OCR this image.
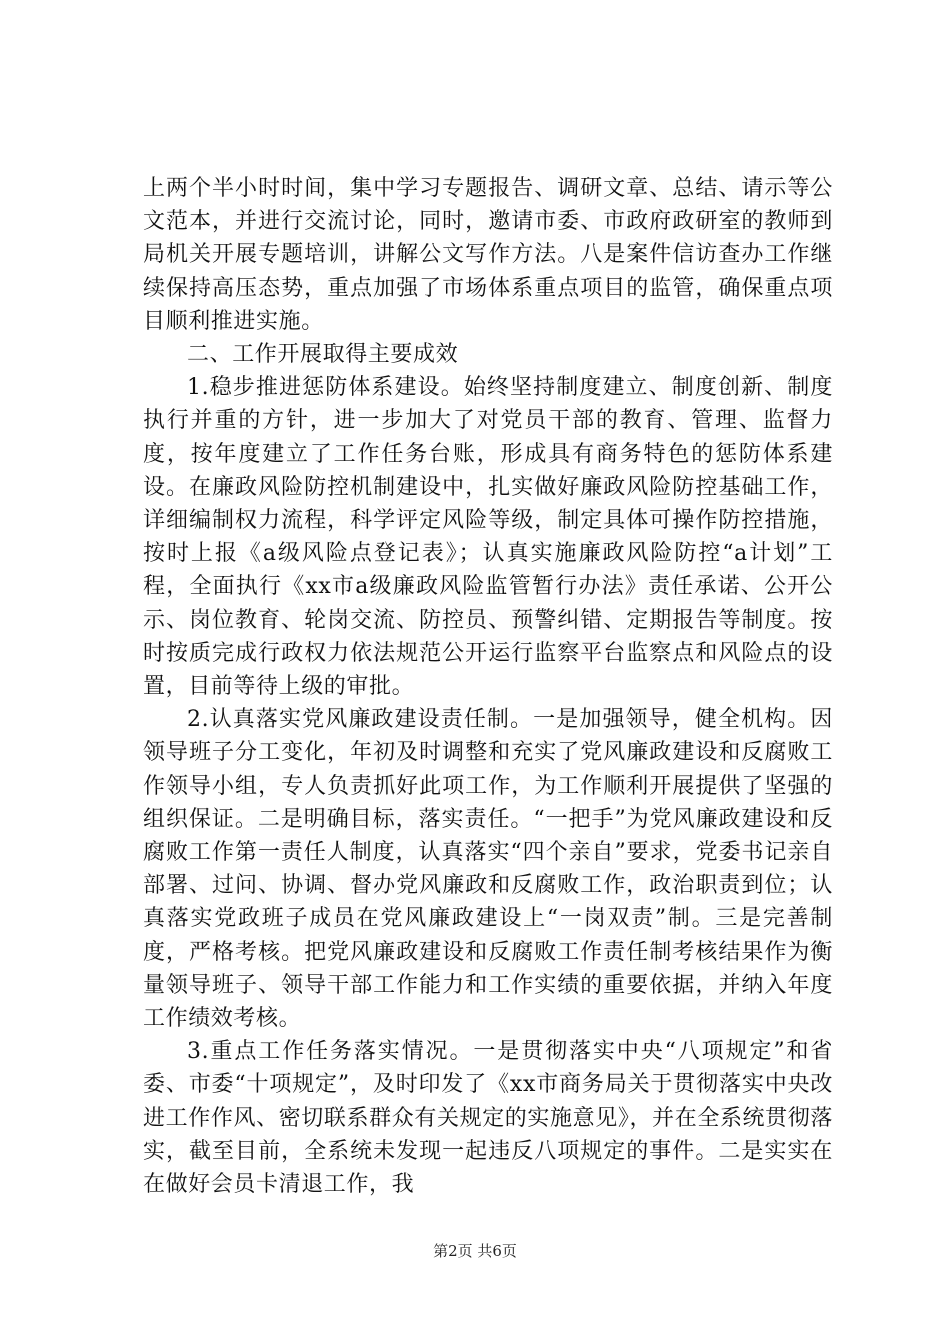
上两个半小时时间，集中学习专题报告、调研文章、总结、请示等公文范本，并进行交流讨论，同时，邀请市委、市政府政研室的教师到局机关开展专题培训，讲解公文写作方法。八是案件信访查办工作继续保持高压态势，重点加强了市场体系重点项目的监管，确保重点项目顺利推进实施。

二、工作开展取得主要成效

1.稳步推进惩防体系建设。始终坚持制度建立、制度创新、制度执行并重的方针，进一步加大了对党员干部的教育、管理、监督力度，按年度建立了工作任务台账，形成具有商务特色的惩防体系建设。在廉政风险防控机制建设中，扎实做好廉政风险防控基础工作，详细编制权力流程，科学评定风险等级，制定具体可操作防控措施，按时上报《a级风险点登记表》；认真实施廉政风险防控“a计划”工程，全面执行《xx市a级廉政风险监管暂行办法》责任承诺、公开公示、岗位教育、轮岗交流、防控员、预警纠错、定期报告等制度。按时按质完成行政权力依法规范公开运行监察平台监察点和风险点的设置，目前等待上级的审批。

2.认真落实党风廉政建设责任制。一是加强领导，健全机构。因领导班子分工变化，年初及时调整和充实了党风廉政建设和反腐败工作领导小组，专人负责抓好此项工作，为工作顺利开展提供了坚强的组织保证。二是明确目标，落实责任。“一把手”为党风廉政建设和反腐败工作第一责任人制度，认真落实“四个亲自”要求，党委书记亲自部署、过问、协调、督办党风廉政和反腐败工作，政治职责到位；认真落实党政班子成员在党风廉政建设上“一岗双责”制。三是完善制度，严格考核。把党风廉政建设和反腐败工作责任制考核结果作为衡量领导班子、领导干部工作能力和工作实绩的重要依据，并纳入年度工作绩效考核。

3.重点工作任务落实情况。一是贯彻落实中央“八项规定”和省委、市委“十项规定”，及时印发了《xx市商务局关于贯彻落实中央改进工作作风、密切联系群众有关规定的实施意见》，并在全系统贯彻落实，截至目前，全系统未发现一起违反八项规定的事件。二是实实在在做好会员卡清退工作，我

第2页 共6页
